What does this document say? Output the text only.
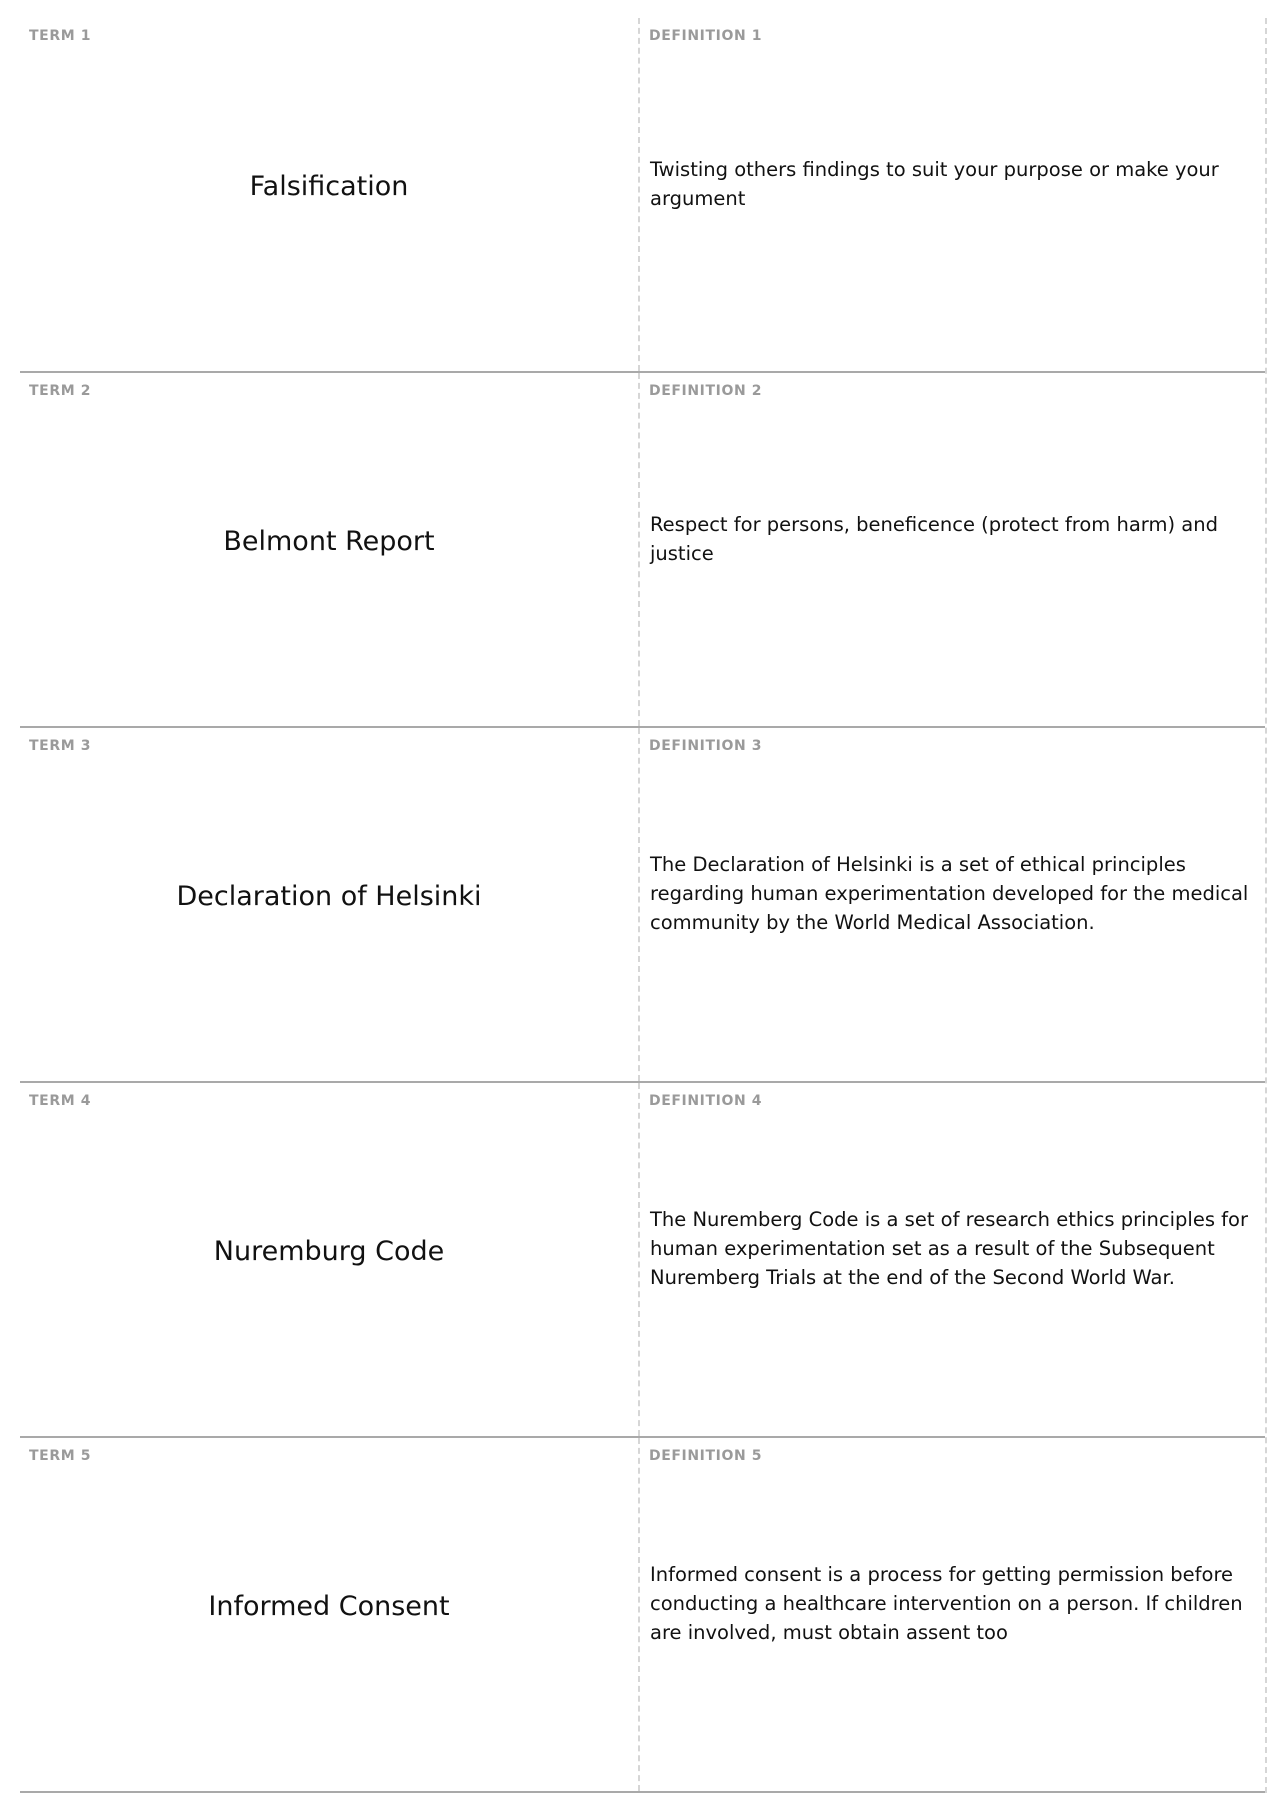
TERM 1
Falsification
DEFINITION 1
Twisting others findings to suit your purpose or make your argument
TERM 2
Belmont Report
DEFINITION 2
Respect for persons, beneficence (protect from harm) and justice
TERM 3
Declaration of Helsinki
DEFINITION 3
The Declaration of Helsinki is a set of ethical principles regarding human experimentation developed for the medical community by the World Medical Association.
TERM 4
Nuremburg Code
DEFINITION 4
The Nuremberg Code is a set of research ethics principles for human experimentation set as a result of the Subsequent Nuremberg Trials at the end of the Second World War.
TERM 5
Informed Consent
DEFINITION 5
Informed consent is a process for getting permission before conducting a healthcare intervention on a person. If children are involved, must obtain assent too
